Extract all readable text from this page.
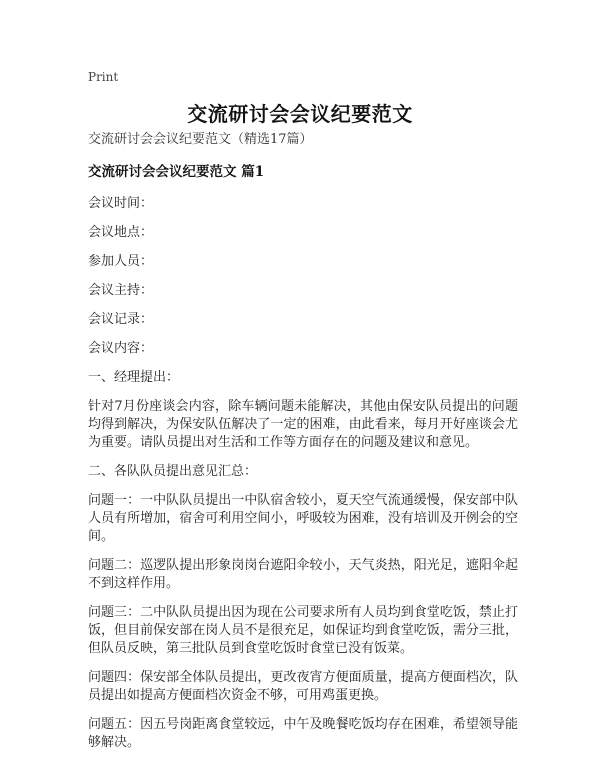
Print
交流研讨会会议纪要范文

交流研讨会会议纪要范文（精选17篇）

交流研讨会会议纪要范文 篇1

会议时间：

会议地点：

参加人员：

会议主持：

会议记录：

会议内容：

一、经理提出：

针对7月份座谈会内容，除车辆问题未能解决，其他由保安队员提出的问题均得到解决，为保安队伍解决了一定的困难，由此看来，每月开好座谈会尤为重要。请队员提出对生活和工作等方面存在的问题及建议和意见。

二、各队队员提出意见汇总：

问题一：一中队队员提出一中队宿舍较小，夏天空气流通缓慢，保安部中队人员有所增加，宿舍可利用空间小，呼吸较为困难，没有培训及开例会的空间。

问题二：巡逻队提出形象岗岗台遮阳伞较小，天气炎热，阳光足，遮阳伞起不到这样作用。

问题三：二中队队员提出因为现在公司要求所有人员均到食堂吃饭，禁止打饭，但目前保安部在岗人员不是很充足，如保证均到食堂吃饭，需分三批，但队员反映，第三批队员到食堂吃饭时食堂已没有饭菜。

问题四：保安部全体队员提出，更改夜宵方便面质量，提高方便面档次，队员提出如提高方便面档次资金不够，可用鸡蛋更换。

问题五：因五号岗距离食堂较远，中午及晚餐吃饭均存在困难，希望领导能够解决。
